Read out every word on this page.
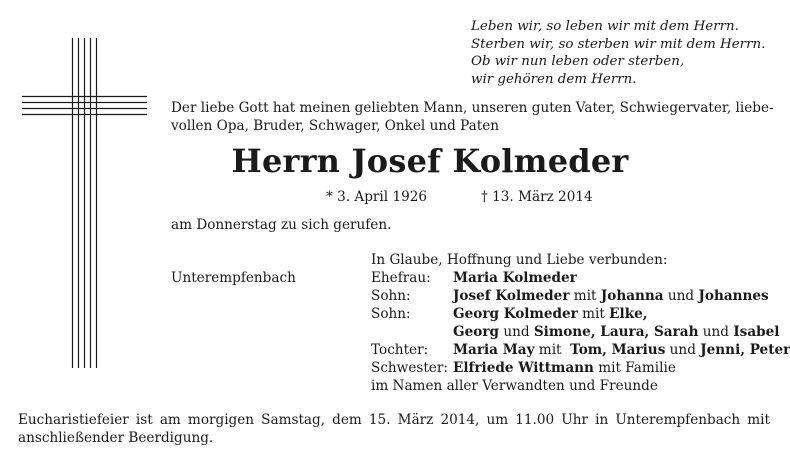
Leben wir, so leben wir mit dem Herrn.
Sterben wir, so sterben wir mit dem Herrn.
Ob wir nun leben oder sterben,
wir gehören dem Herrn.
Der liebe Gott hat meinen geliebten Mann, unseren guten Vater, Schwiegervater, liebe-
vollen Opa, Bruder, Schwager, Onkel und Paten
Herrn Josef Kolmeder
* 3. April 1926	† 13. März 2014
am Donnerstag zu sich gerufen.
In Glaube, Hoffnung und Liebe verbunden:
Unterempfenbach	Ehefrau: Maria Kolmeder
Sohn:	Josef Kolmeder mit Johanna und Johannes
Sohn:	Georg Kolmeder mit Elke,
Georg und Simone, Laura, Sarah und Isabel
Tochter: Maria May mit  Tom, Marius und Jenni, Peter
Schwester: Elfriede Wittmann mit Familie
im Namen aller Verwandten und Freunde
Eucharistiefeier ist am morgigen Samstag, dem 15. März 2014, um 11.00 Uhr in Unterempfenbach mit anschließender Beerdigung.
